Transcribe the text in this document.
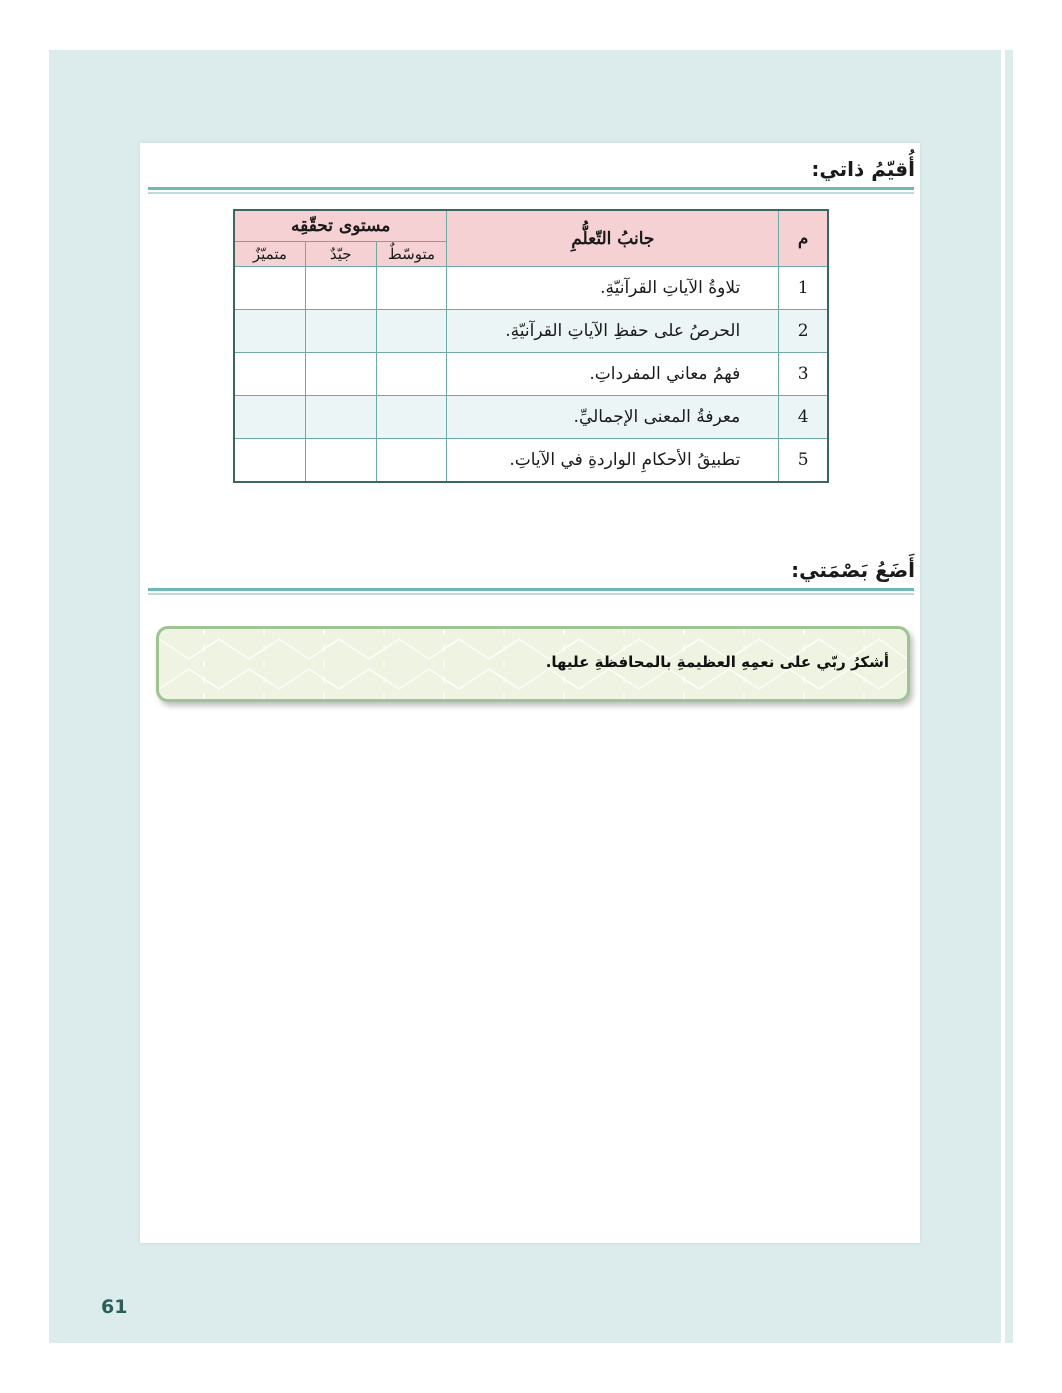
أُقيّمُ ذاتي:
م	جانبُ التّعلُّمِ	مستوى تحقّقِه		
		متوسّطٌ	جيّدٌ	متميّزٌ
1	تلاوةُ الآياتِ القرآنيّةِ.			
2	الحرصُ على حفظِ الآياتِ القرآنيّةِ.			
3	فهمُ معاني المفرداتِ.			
4	معرفةُ المعنى الإجماليِّ.			
5	تطبيقُ الأحكامِ الواردةِ في الآياتِ.			
أَضَعُ بَصْمَتي:
أشكرُ ربّي على نعمِهِ العظيمةِ بالمحافظةِ عليها.
61
